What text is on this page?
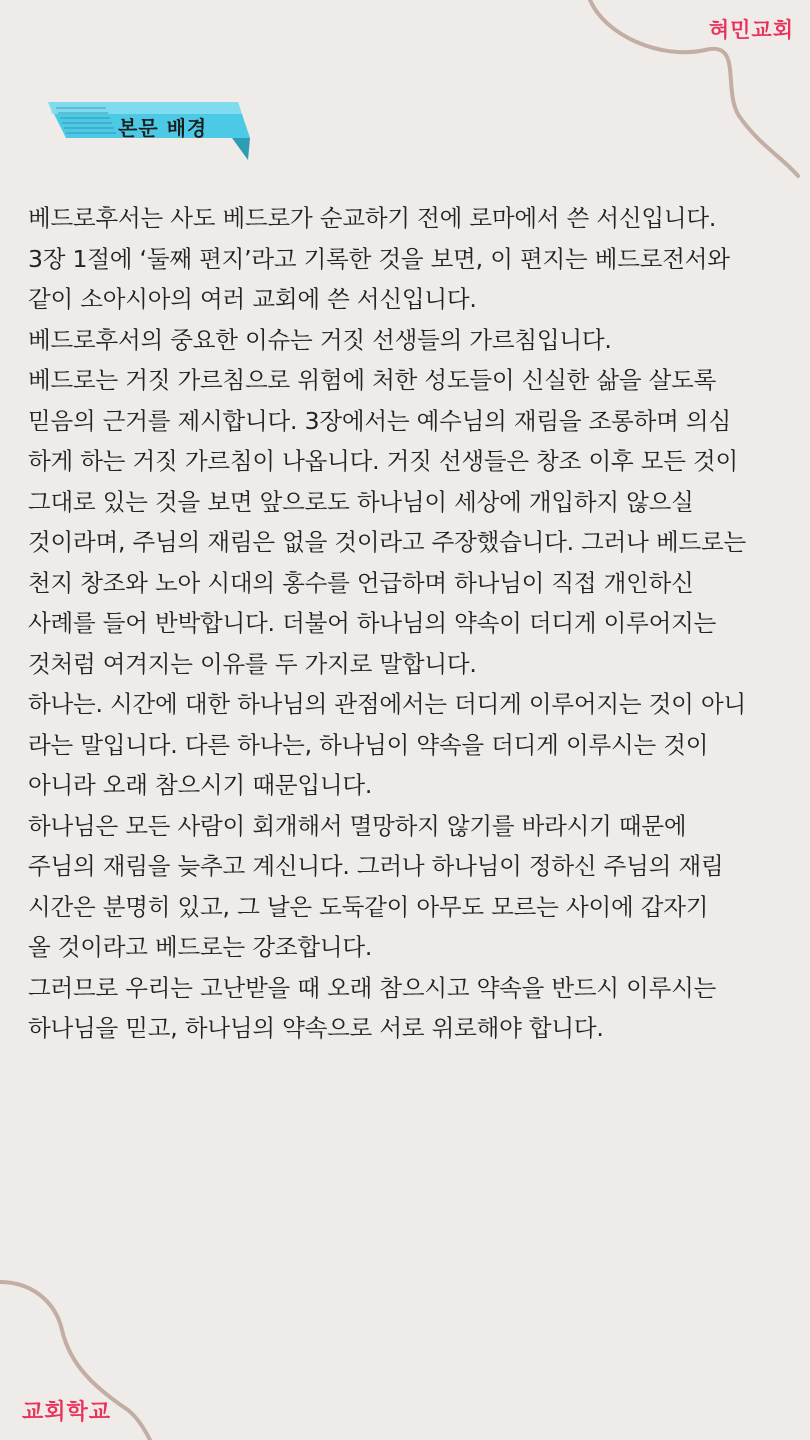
혀민교회
본문 배경
베드로후서는 사도 베드로가 순교하기 전에 로마에서 쓴 서신입니다.
3장 1절에 ‘둘째 편지’라고 기록한 것을 보면, 이 편지는 베드로전서와
같이 소아시아의 여러 교회에 쓴 서신입니다.
베드로후서의 중요한 이슈는 거짓 선생들의 가르침입니다.
베드로는 거짓 가르침으로 위험에 처한 성도들이 신실한 삶을 살도록
믿음의 근거를 제시합니다. 3장에서는 예수님의 재림을 조롱하며 의심
하게 하는 거짓 가르침이 나옵니다. 거짓 선생들은 창조 이후 모든 것이
그대로 있는 것을 보면 앞으로도 하나님이 세상에 개입하지 않으실
것이라며, 주님의 재림은 없을 것이라고 주장했습니다. 그러나 베드로는
천지 창조와 노아 시대의 홍수를 언급하며 하나님이 직접 개인하신
사례를 들어 반박합니다. 더불어 하나님의 약속이 더디게 이루어지는
것처럼 여겨지는 이유를 두 가지로 말합니다.
하나는. 시간에 대한 하나님의 관점에서는 더디게 이루어지는 것이 아니
라는 말입니다. 다른 하나는, 하나님이 약속을 더디게 이루시는 것이
아니라 오래 참으시기 때문입니다.
하나님은 모든 사람이 회개해서 멸망하지 않기를 바라시기 때문에
주님의 재림을 늦추고 계신니다. 그러나 하나님이 정하신 주님의 재림
시간은 분명히 있고, 그 날은 도둑같이 아무도 모르는 사이에 갑자기
올 것이라고 베드로는 강조합니다.
그러므로 우리는 고난받을 때 오래 참으시고 약속을 반드시 이루시는
하나님을 믿고, 하나님의 약속으로 서로 위로해야 합니다.
교회학교
